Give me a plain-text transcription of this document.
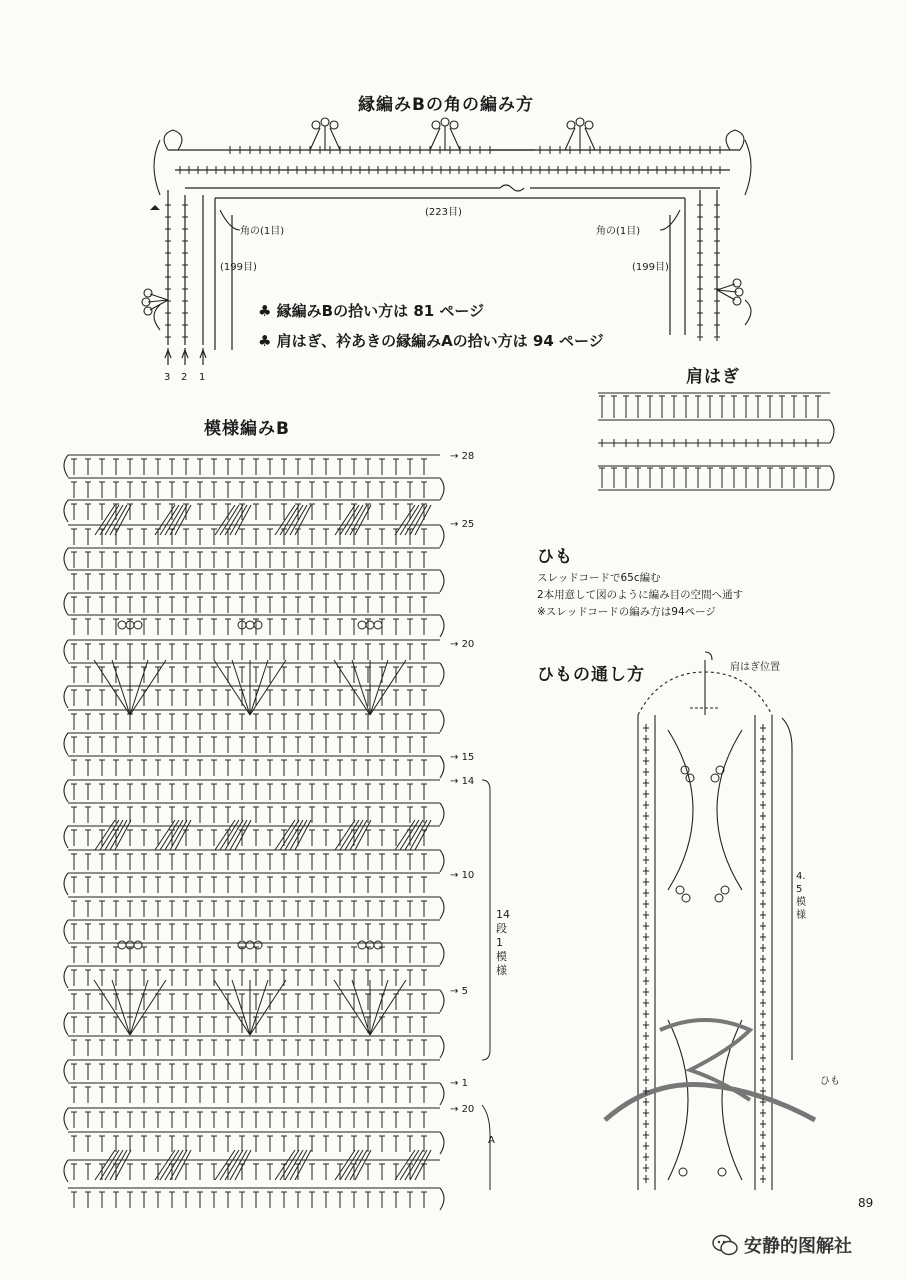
縁編みBの角の編み方
(223目)
角の(1目)	角の(1目)
(199目)	(199目)
3 2 1
♣ 縁編みBの拾い方は 81 ページ
♣ 肩はぎ、衿あきの縁編みAの拾い方は 94 ページ
肩はぎ
模様編みB
→ 28
→ 25
→ 20
→ 15
→ 14
→ 10
→ 5
→ 1
→ 20
14段1模様
A
ひも
スレッドコードで65c編む
2本用意して図のように編み目の空間へ通す
※スレッドコードの編み方は94ページ
ひもの通し方	肩はぎ位置
4.5模様
ひも
89
安静的图解社
